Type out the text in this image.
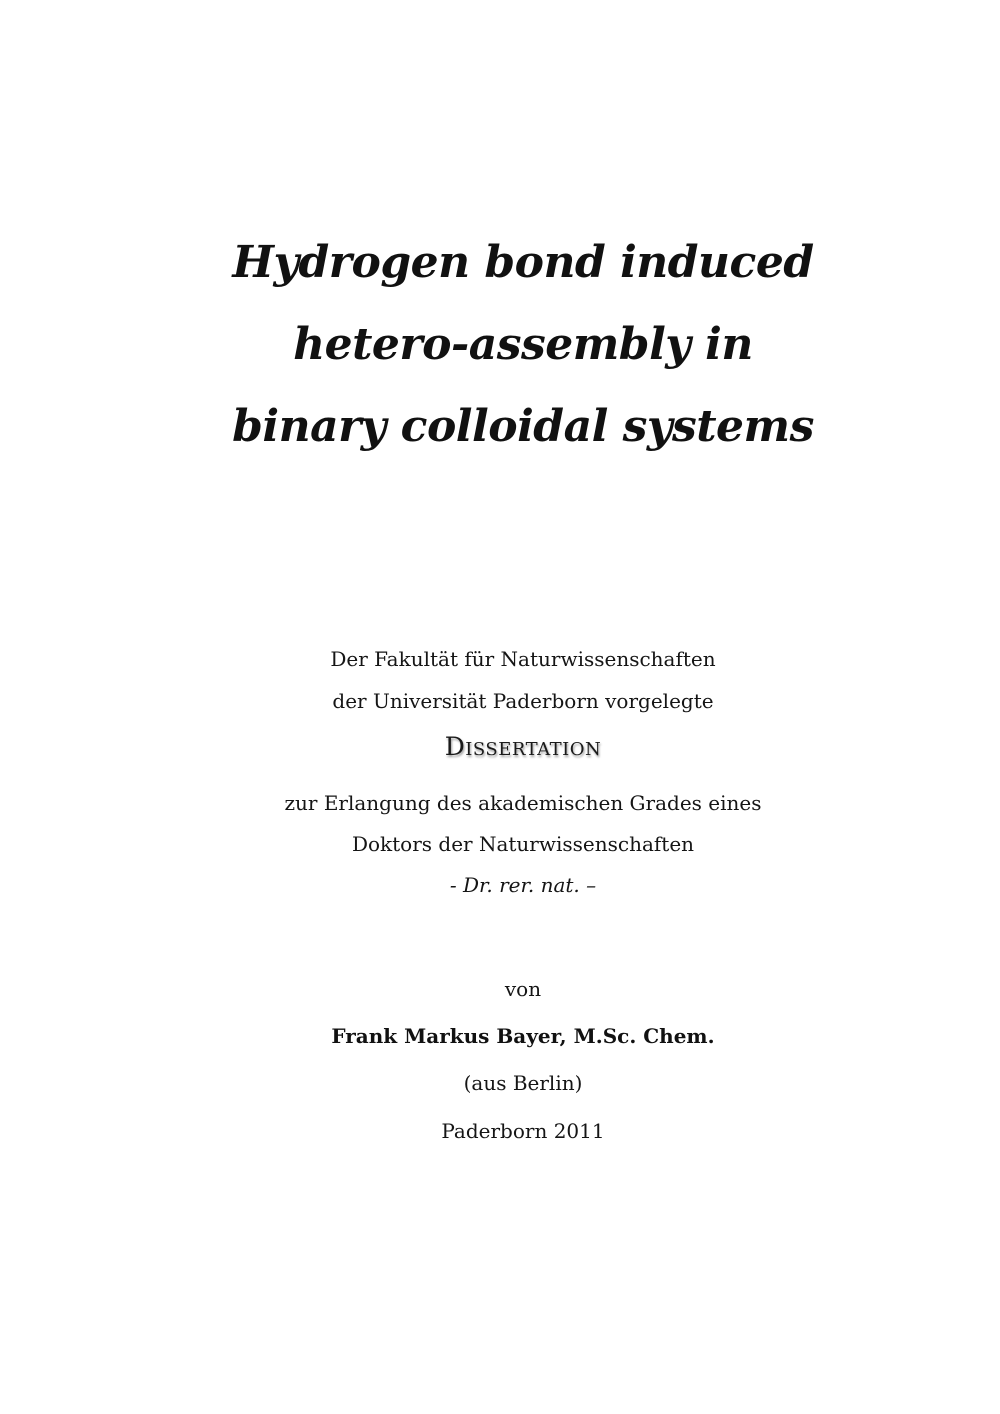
Hydrogen bond induced
hetero-assembly in
binary colloidal systems
Der Fakultät für Naturwissenschaften
der Universität Paderborn vorgelegte
Dissertation
zur Erlangung des akademischen Grades eines
Doktors der Naturwissenschaften
- Dr. rer. nat. –
von
Frank Markus Bayer, M.Sc. Chem.
(aus Berlin)
Paderborn 2011
